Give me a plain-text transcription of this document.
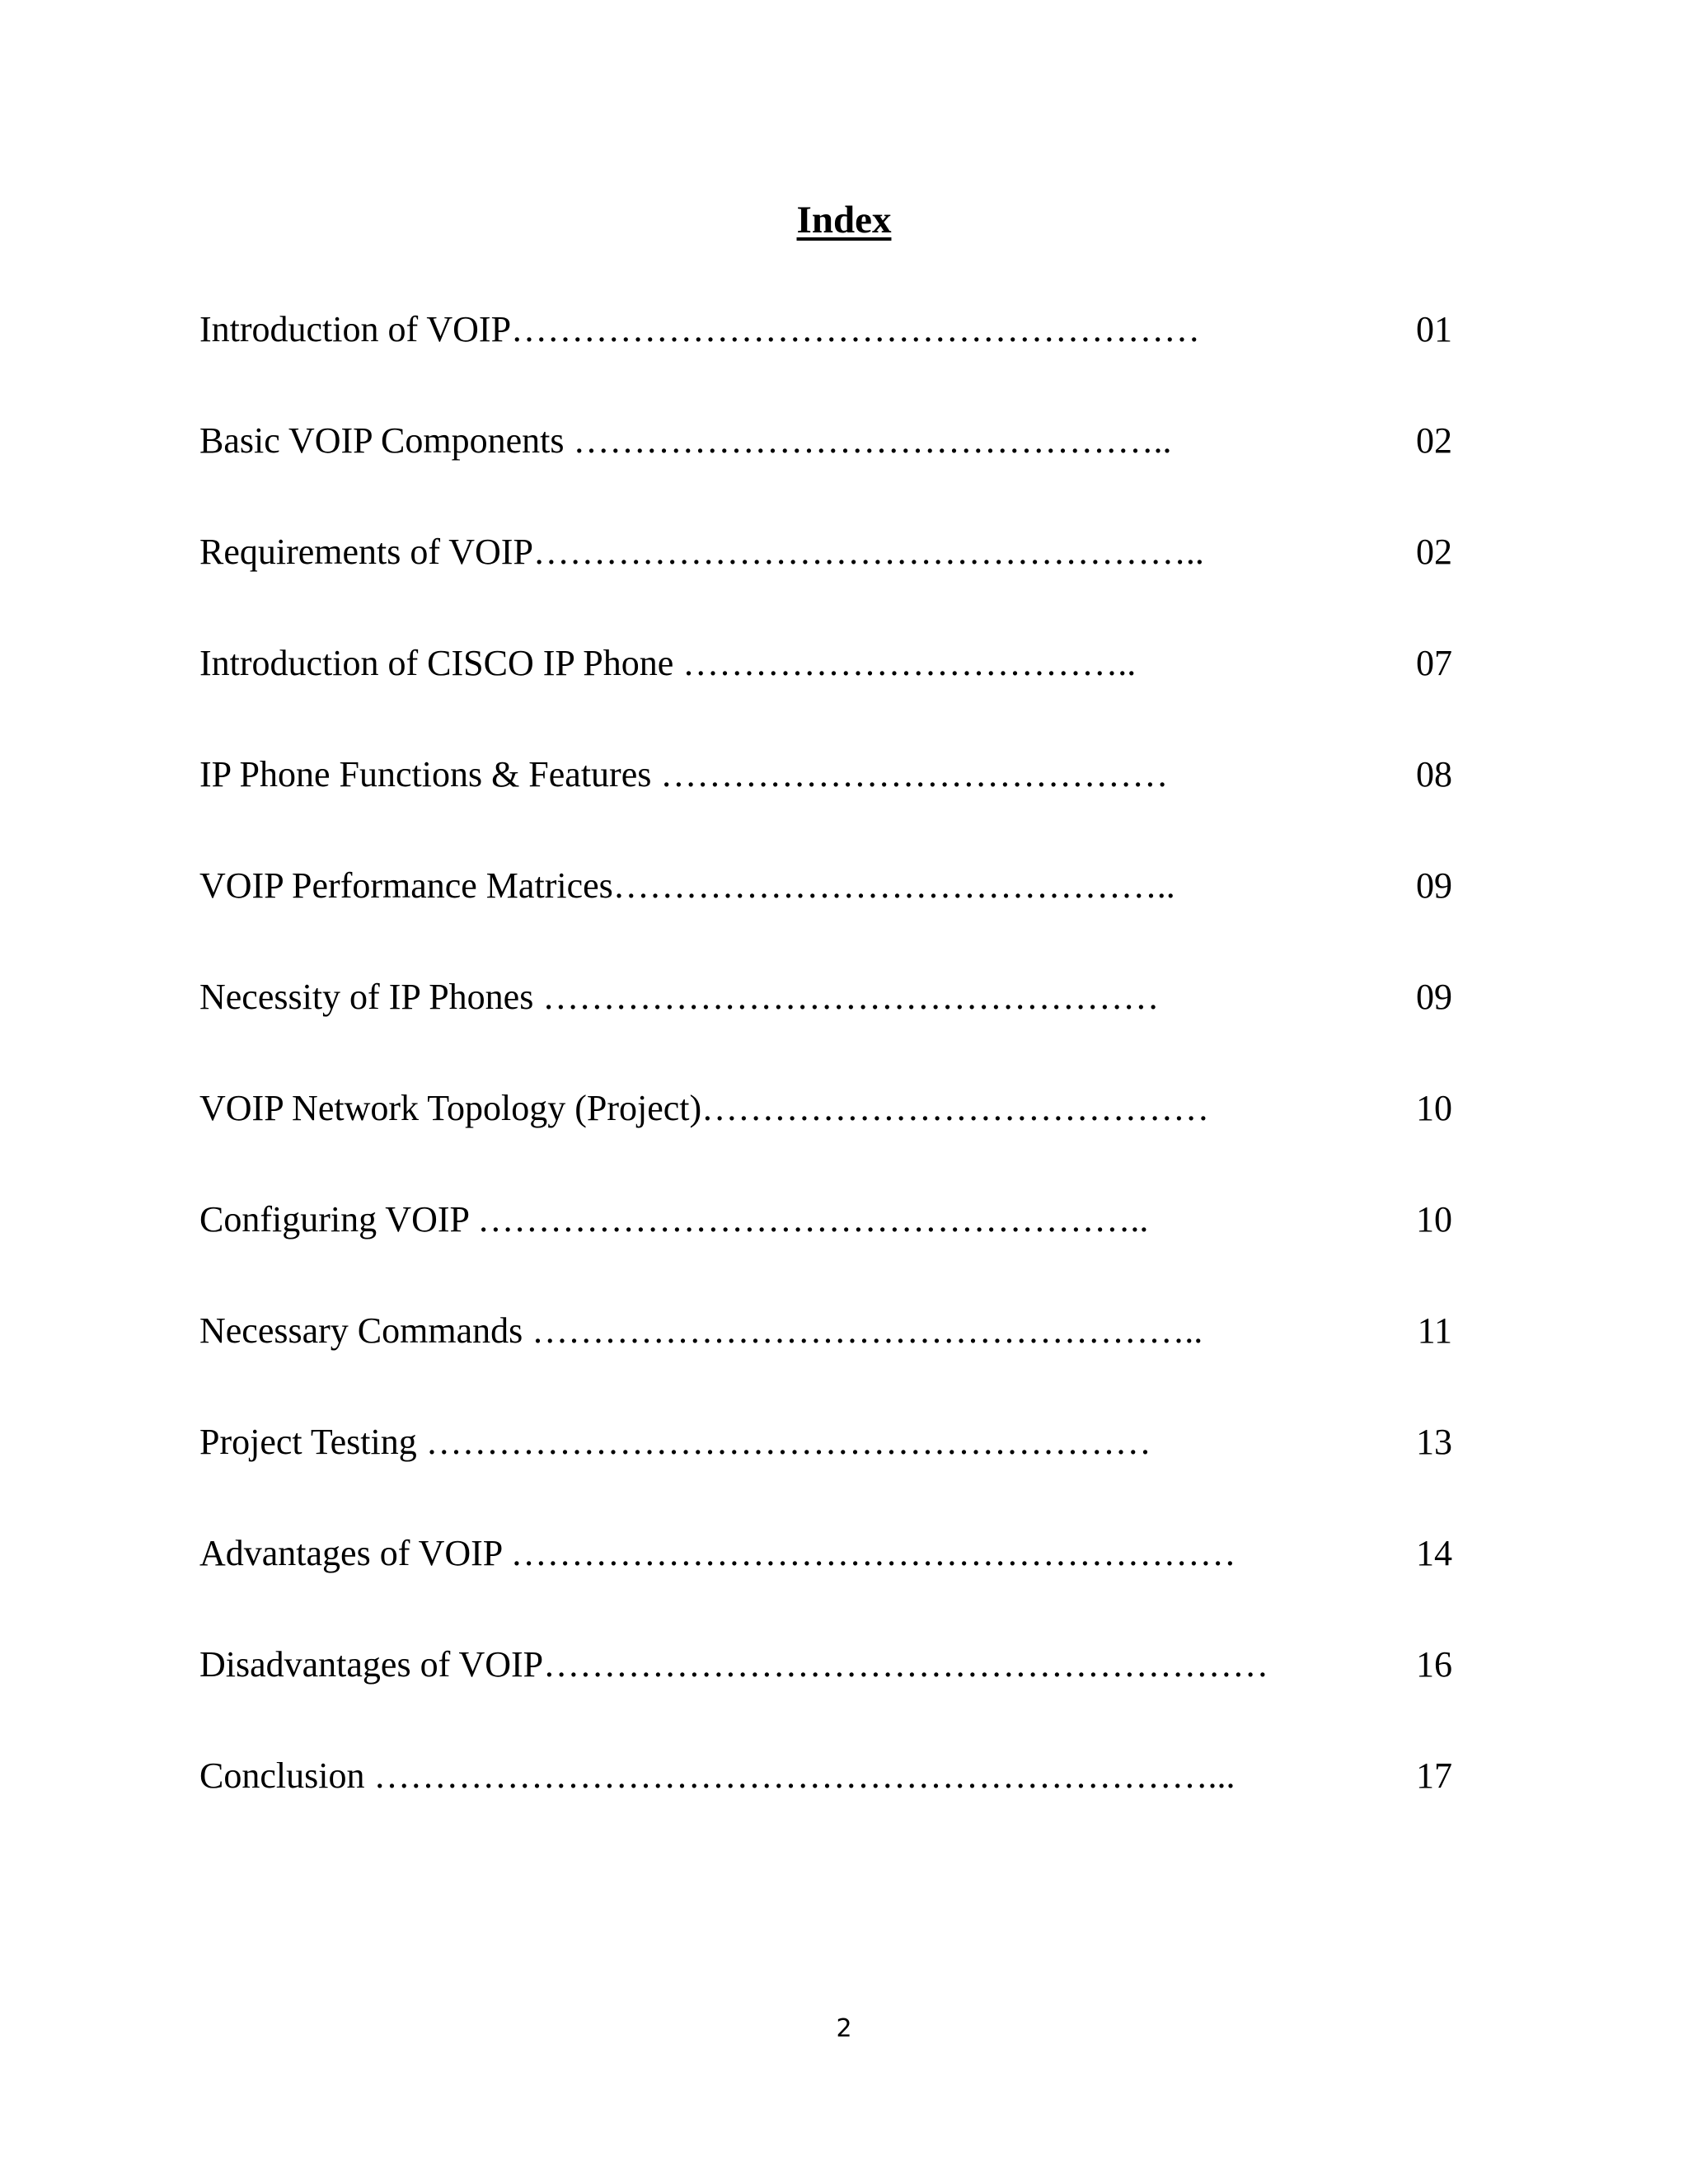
Index
Introduction of VOIP…………………………………………………	01
Basic VOIP Components …………………………………………..	02
Requirements of VOIP………………………………………………..	02
Introduction of CISCO IP Phone ………………………………..	07
IP Phone Functions & Features ……………………………………	08
VOIP Performance Matrices………………………………………..	09
Necessity of IP Phones ……………………………………………	09
VOIP Network Topology (Project)……………………………………	10
Configuring VOIP ………………………………………………..	10
Necessary Commands ………………………………………………..	11
Project Testing ……………………………………………………	13
Advantages of VOIP ……………………………………………………	14
Disadvantages of VOIP……………………………………………………	16
Conclusion ……………………………………………………………...	17
2
